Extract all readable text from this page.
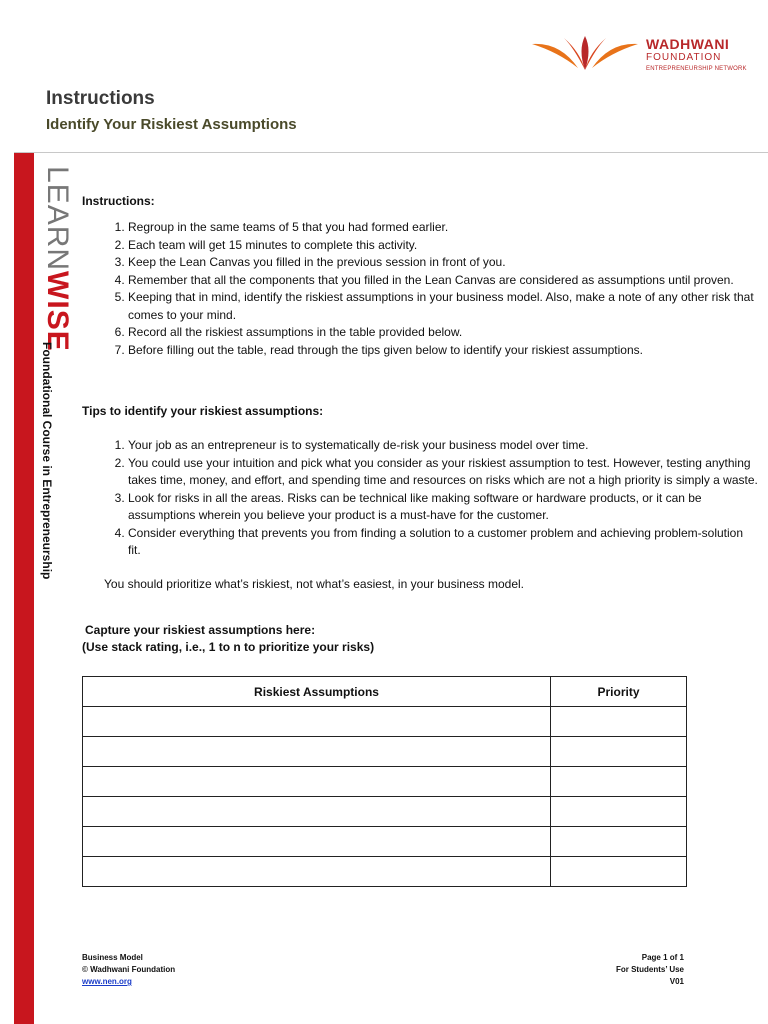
WADHWANI
FOUNDATION
ENTREPRENEURSHIP NETWORK
Instructions
Identify Your Riskiest Assumptions
LEARNWISE
Foundational Course in Entrepreneurship
Instructions:
1. Regroup in the same teams of 5 that you had formed earlier.
2. Each team will get 15 minutes to complete this activity.
3. Keep the Lean Canvas you filled in the previous session in front of you.
4. Remember that all the components that you filled in the Lean Canvas are considered as assumptions until proven.
5. Keeping that in mind, identify the riskiest assumptions in your business model. Also, make a note of any other risk that comes to your mind.
6. Record all the riskiest assumptions in the table provided below.
7. Before filling out the table, read through the tips given below to identify your riskiest assumptions.
Tips to identify your riskiest assumptions:
1. Your job as an entrepreneur is to systematically de-risk your business model over time.
2. You could use your intuition and pick what you consider as your riskiest assumption to test. However, testing anything takes time, money, and effort, and spending time and resources on risks which are not a high priority is simply a waste.
3. Look for risks in all the areas. Risks can be technical like making software or hardware products, or it can be assumptions wherein you believe your product is a must-have for the customer.
4. Consider everything that prevents you from finding a solution to a customer problem and achieving problem-solution fit.
You should prioritize what’s riskiest, not what’s easiest, in your business model.
Capture your riskiest assumptions here:
(Use stack rating, i.e., 1 to n to prioritize your risks)
Riskiest Assumptions	Priority

Business Model
© Wadhwani Foundation
www.nen.org
Page 1 of 1
For Students’ Use
V01
